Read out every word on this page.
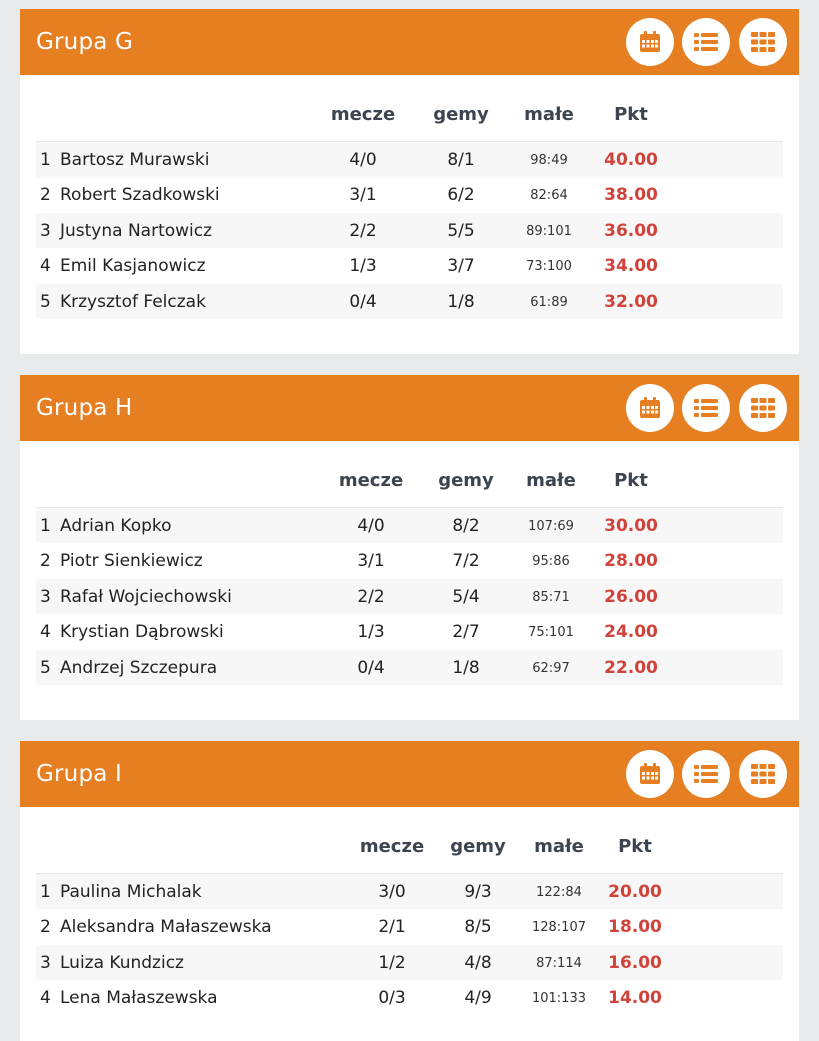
Grupa G
mecze gemy małe Pkt
1 Bartosz Murawski	4/0	8/1	98:49 40.00
2 Robert Szadkowski	3/1	6/2	82:64 38.00
3 Justyna Nartowicz	2/2	5/5	89:101 36.00
4 Emil Kasjanowicz	1/3	3/7	73:100 34.00
5 Krzysztof Felczak	0/4	1/8	61:89 32.00
Grupa H
mecze gemy małe Pkt
1 Adrian Kopko	4/0	8/2	107:69 30.00
2 Piotr Sienkiewicz	3/1	7/2	95:86 28.00
3 Rafał Wojciechowski	2/2	5/4	85:71 26.00
4 Krystian Dąbrowski	1/3	2/7	75:101 24.00
5 Andrzej Szczepura	0/4	1/8	62:97 22.00
Grupa I
mecze gemy małe Pkt
1 Paulina Michalak	3/0	9/3	122:84 20.00
2 Aleksandra Małaszewska	2/1	8/5	128:107 18.00
3 Luiza Kundzicz	1/2	4/8	87:114 16.00
4 Lena Małaszewska	0/3	4/9	101:133 14.00
